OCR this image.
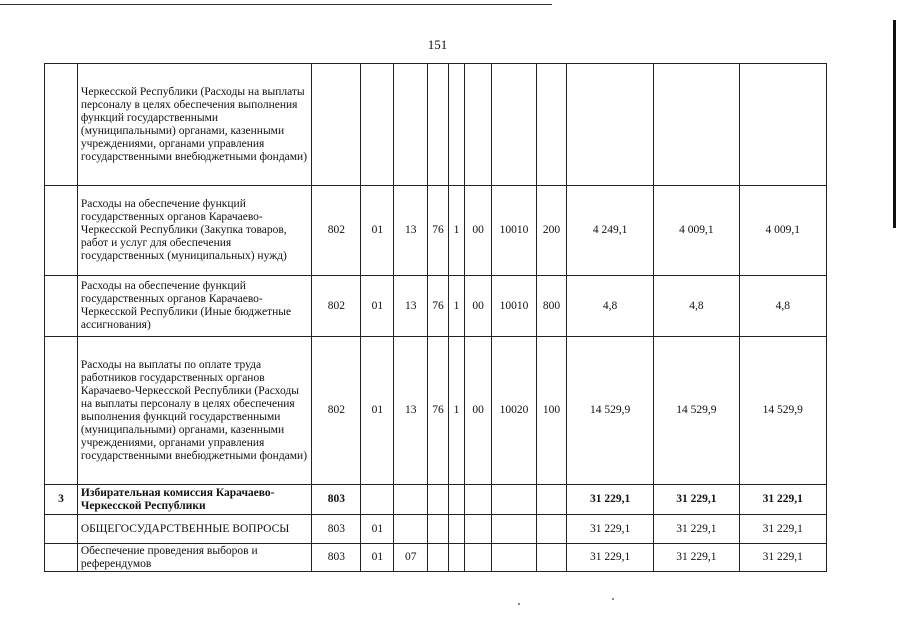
151
	Черкесской Республики (Расходы на выплаты персоналу в целях обеспечения выполнения функций государственными (муниципальными) органами, казенными учреждениями, органами управления государственными внебюджетными фондами)											
	Расходы на обеспечение функций государственных органов Карачаево-Черкесской Республики (Закупка товаров, работ и услуг для обеспечения государственных (муниципальных) нужд)	802	01	13	76	1	00	10010	200	4 249,1	4 009,1	4 009,1
	Расходы на обеспечение функций государственных органов Карачаево-Черкесской Республики (Иные бюджетные ассигнования)	802	01	13	76	1	00	10010	800	4,8	4,8	4,8
	Расходы на выплаты по оплате труда работников государственных органов Карачаево-Черкесской Республики (Расходы на выплаты персоналу в целях обеспечения выполнения функций государственными (муниципальными) органами, казенными учреждениями, органами управления государственными внебюджетными фондами)	802	01	13	76	1	00	10020	100	14 529,9	14 529,9	14 529,9
3	Избирательная комиссия Карачаево-Черкесской Республики	803								31 229,1	31 229,1	31 229,1
	ОБЩЕГОСУДАРСТВЕННЫЕ ВОПРОСЫ	803	01							31 229,1	31 229,1	31 229,1
	Обеспечение проведения выборов и референдумов	803	01	07						31 229,1	31 229,1	31 229,1
